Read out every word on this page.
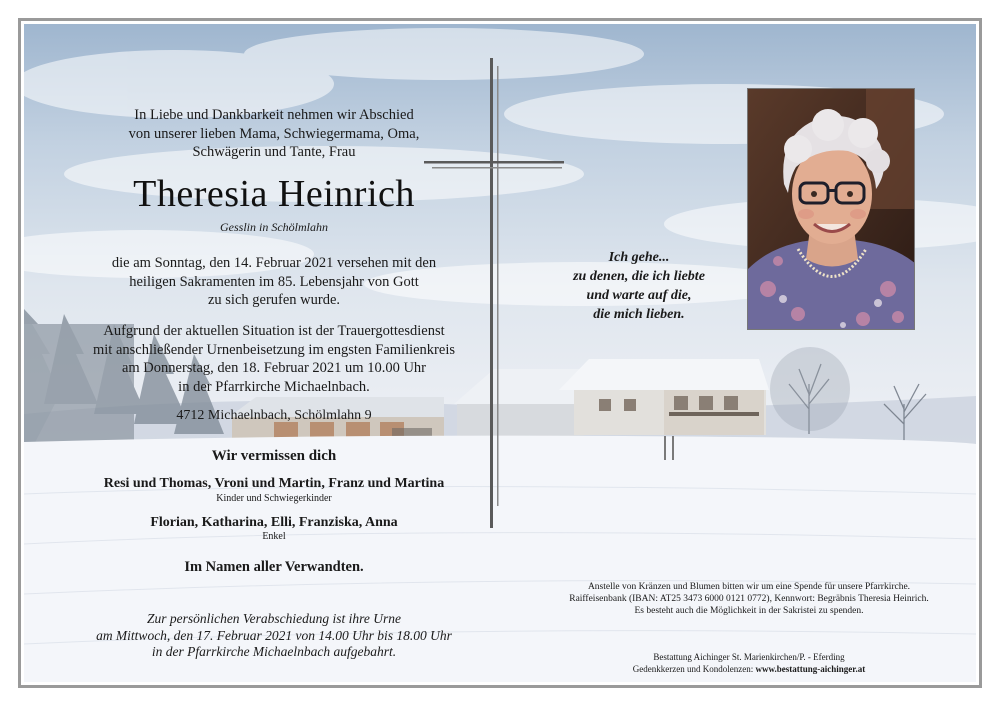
In Liebe und Dankbarkeit nehmen wir Abschied
von unserer lieben Mama, Schwiegermama, Oma,
Schwägerin und Tante, Frau
Theresia Heinrich
Gesslin in Schölmlahn
die am Sonntag, den 14. Februar 2021 versehen mit den
heiligen Sakramenten im 85. Lebensjahr von Gott
zu sich gerufen wurde.
Aufgrund der aktuellen Situation ist der Trauergottesdienst
mit anschließender Urnenbeisetzung im engsten Familienkreis
am Donnerstag, den 18. Februar 2021 um 10.00 Uhr
in der Pfarrkirche Michaelnbach.
4712 Michaelnbach, Schölmlahn 9
Wir vermissen dich
Resi und Thomas, Vroni und Martin, Franz und Martina
Kinder und Schwiegerkinder
Florian, Katharina, Elli, Franziska, Anna
Enkel
Im Namen aller Verwandten.
Zur persönlichen Verabschiedung ist ihre Urne
am Mittwoch, den 17. Februar 2021 von 14.00 Uhr bis 18.00 Uhr
in der Pfarrkirche Michaelnbach aufgebahrt.
Ich gehe...
zu denen, die ich liebte
und warte auf die,
die mich lieben.
Anstelle von Kränzen und Blumen bitten wir um eine Spende für unsere Pfarrkirche.
Raiffeisenbank (IBAN: AT25 3473 6000 0121 0772), Kennwort: Begräbnis Theresia Heinrich.
Es besteht auch die Möglichkeit in der Sakristei zu spenden.
Bestattung Aichinger St. Marienkirchen/P. - Eferding
Gedenkkerzen und Kondolenzen: www.bestattung-aichinger.at
